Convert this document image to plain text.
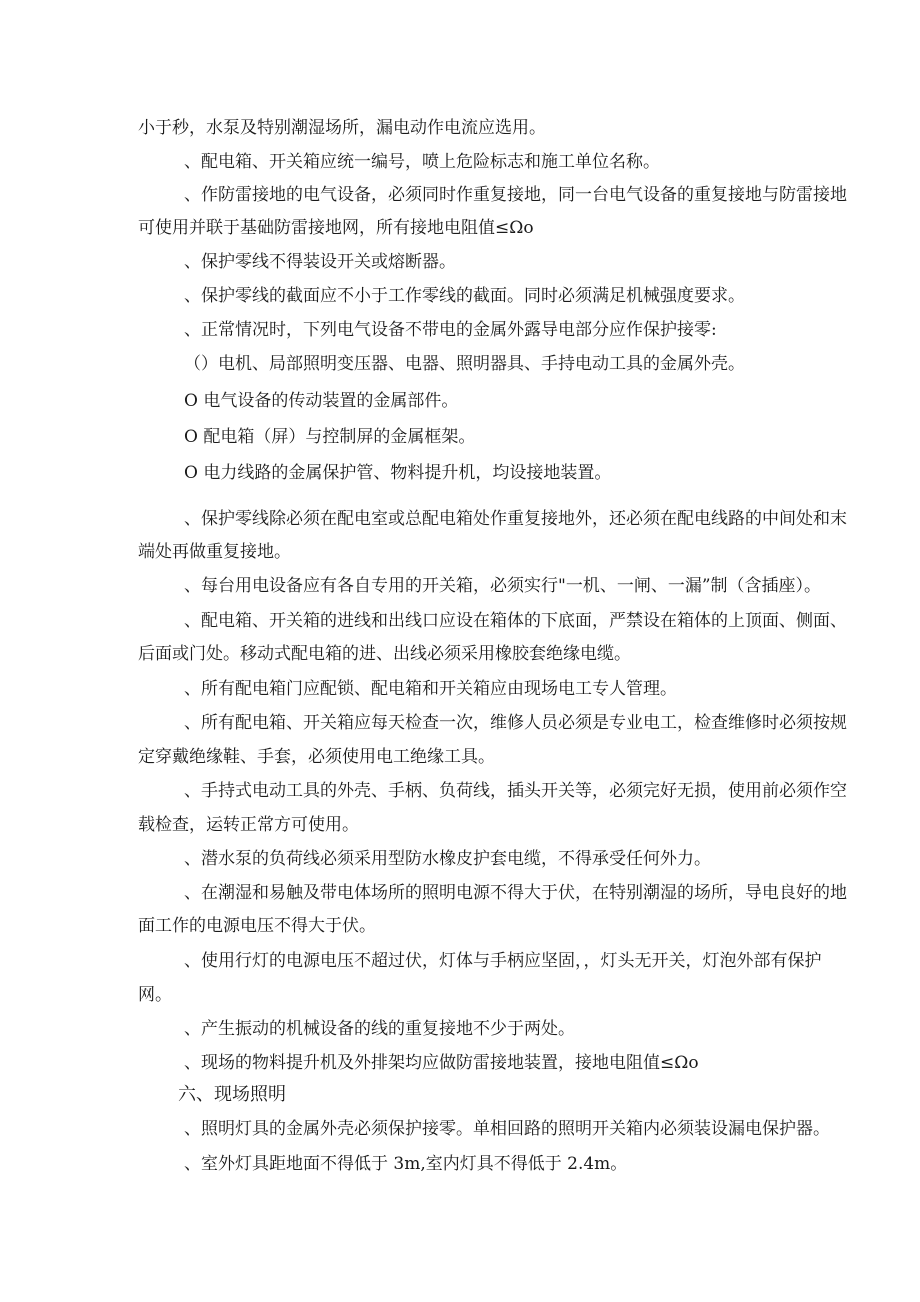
小于秒，水泵及特别潮湿场所，漏电动作电流应选用。
、配电箱、开关箱应统一编号，喷上危险标志和施工单位名称。
、作防雷接地的电气设备，必须同时作重复接地，同一台电气设备的重复接地与防雷接地
可使用并联于基础防雷接地网，所有接地电阻值≤Ωo
、保护零线不得装设开关或熔断器。
、保护零线的截面应不小于工作零线的截面。同时必须满足机械强度要求。
、正常情况时，下列电气设备不带电的金属外露导电部分应作保护接零:
（）电机、局部照明变压器、电器、照明器具、手持电动工具的金属外壳。
O 电气设备的传动装置的金属部件。
O 配电箱（屏）与控制屏的金属框架。
O 电力线路的金属保护管、物料提升机，均设接地装置。
、保护零线除必须在配电室或总配电箱处作重复接地外，还必须在配电线路的中间处和末
端处再做重复接地。
、每台用电设备应有各自专用的开关箱，必须实行"一机、一闸、一漏”制（含插座）。
、配电箱、开关箱的进线和出线口应设在箱体的下底面，严禁设在箱体的上顶面、侧面、
后面或门处。移动式配电箱的进、出线必须采用橡胶套绝缘电缆。
、所有配电箱门应配锁、配电箱和开关箱应由现场电工专人管理。
、所有配电箱、开关箱应每天检查一次，维修人员必须是专业电工，检查维修时必须按规
定穿戴绝缘鞋、手套，必须使用电工绝缘工具。
、手持式电动工具的外壳、手柄、负荷线，插头开关等，必须完好无损，使用前必须作空
载检查，运转正常方可使用。
、潜水泵的负荷线必须采用型防水橡皮护套电缆，不得承受任何外力。
、在潮湿和易触及带电体场所的照明电源不得大于伏，在特别潮湿的场所，导电良好的地
面工作的电源电压不得大于伏。
、使用行灯的电源电压不超过伏，灯体与手柄应坚固，，灯头无开关，灯泡外部有保护
网。
、产生振动的机械设备的线的重复接地不少于两处。
、现场的物料提升机及外排架均应做防雷接地装置，接地电阻值≤Ωo
六、现场照明
、照明灯具的金属外壳必须保护接零。单相回路的照明开关箱内必须装设漏电保护器。
、室外灯具距地面不得低于 3m,室内灯具不得低于 2.4m。
